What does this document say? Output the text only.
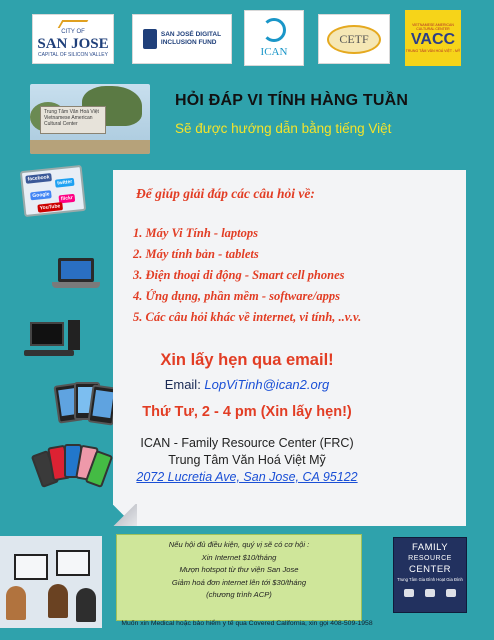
CITY OF
SAN JOSE
CAPITAL OF SILICON VALLEY
SAN JOSÉ DIGITAL
INCLUSION FUND
ICAN
CETF
VIETNAMESE AMERICAN CULTURAL CENTER
VACC
TRUNG TÂM VĂN HOÁ VIỆT - MỸ
Trung Tâm Văn Hoá Việt
Vietnamese American
Cultural Center
HỎI ĐÁP VI TÍNH HÀNG TUẦN
Sẽ được hướng dẫn bằng tiếng Việt
facebook
Google
twitter
flickr
YouTube
Để giúp giải đáp các câu hỏi về:
1. Máy Vi Tính - laptops
2. Máy tính bản - tablets
3. Điện thoại di động - Smart cell phones
4. Ứng dụng, phần mềm - software/apps
5. Các câu hỏi khác về internet, vi tính, ..v.v.
Xin lấy hẹn qua email!
Email: LopViTinh@ican2.org
Thứ Tư, 2 - 4 pm (Xin lấy hẹn!)
ICAN - Family Resource Center (FRC)
Trung Tâm Văn Hoá Việt Mỹ
2072 Lucretia Ave, San Jose, CA 95122
Nếu hội đủ điều kiện, quý vị sẽ có cơ hội :
Xin Internet $10/tháng
Mượn hotspot từ thư viện San Jose
Giảm hoá đơn internet lên tới $30/tháng
(chương trình ACP)
FAMILY
RESOURCE
CENTER
Trung Tâm Gia Đình Hoạt Gia Đình
Muốn xin Medical hoặc bảo hiểm y tế qua Covered California, xin gọi 408-509-1958
